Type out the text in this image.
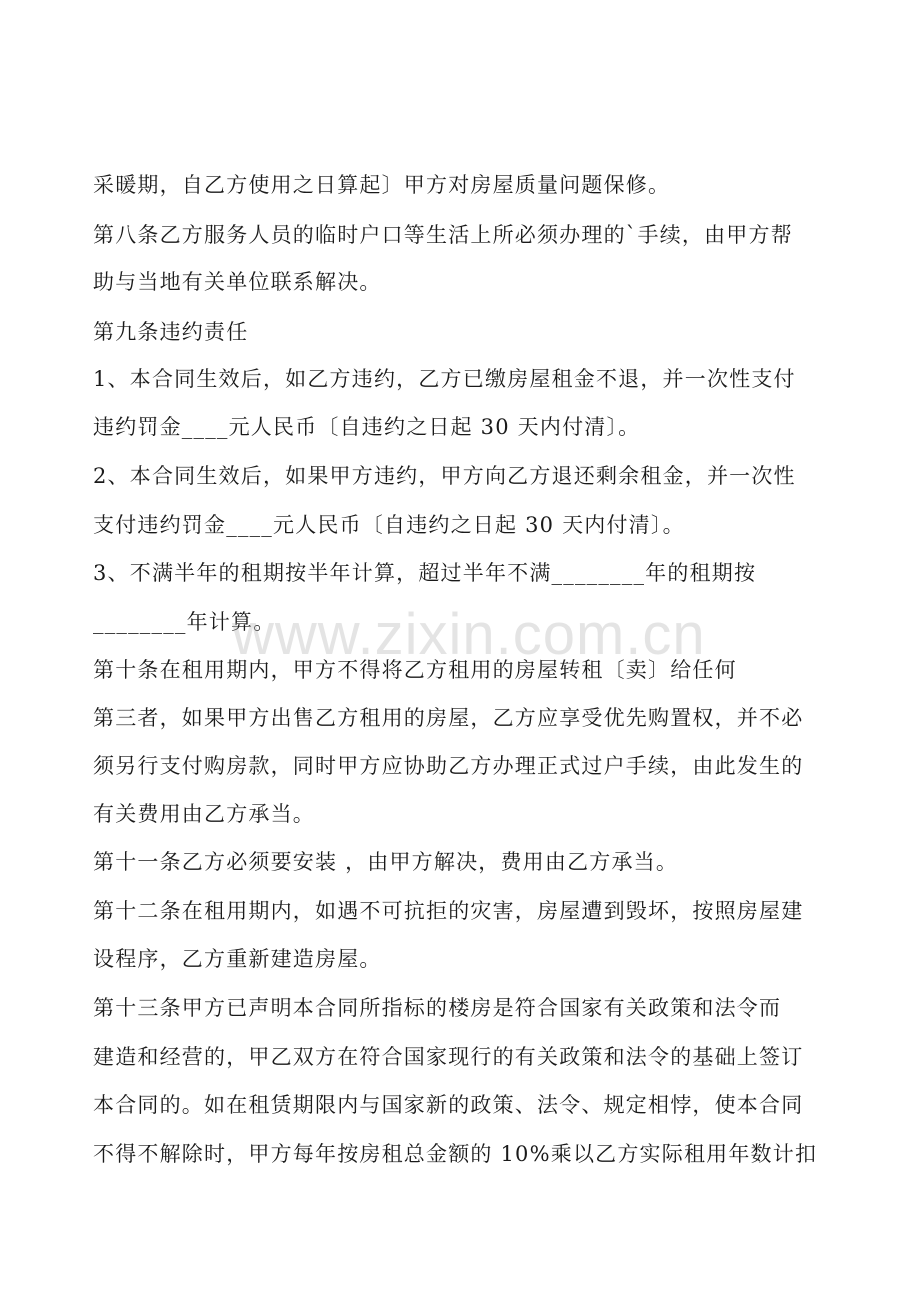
采暖期，自乙方使用之日算起〕甲方对房屋质量问题保修。

第八条乙方服务人员的临时户口等生活上所必须办理的`手续，由甲方帮

助与当地有关单位联系解决。

第九条违约责任

1、本合同生效后，如乙方违约，乙方已缴房屋租金不退，并一次性支付

违约罚金____元人民币〔自违约之日起 30 天内付清〕。

2、本合同生效后，如果甲方违约，甲方向乙方退还剩余租金，并一次性

支付违约罚金____元人民币〔自违约之日起 30 天内付清〕。

3、不满半年的租期按半年计算，超过半年不满________年的租期按

________年计算。

第十条在租用期内，甲方不得将乙方租用的房屋转租〔卖〕给任何

第三者，如果甲方出售乙方租用的房屋，乙方应享受优先购置权，并不必

须另行支付购房款，同时甲方应协助乙方办理正式过户手续，由此发生的

有关费用由乙方承当。

第十一条乙方必须要安装 ，由甲方解决，费用由乙方承当。

第十二条在租用期内，如遇不可抗拒的灾害，房屋遭到毁坏，按照房屋建

设程序，乙方重新建造房屋。

第十三条甲方已声明本合同所指标的楼房是符合国家有关政策和法令而

建造和经营的，甲乙双方在符合国家现行的有关政策和法令的基础上签订

本合同的。如在租赁期限内与国家新的政策、法令、规定相悖，使本合同

不得不解除时，甲方每年按房租总金额的 10%乘以乙方实际租用年数计扣

www.zixin.com.cn
